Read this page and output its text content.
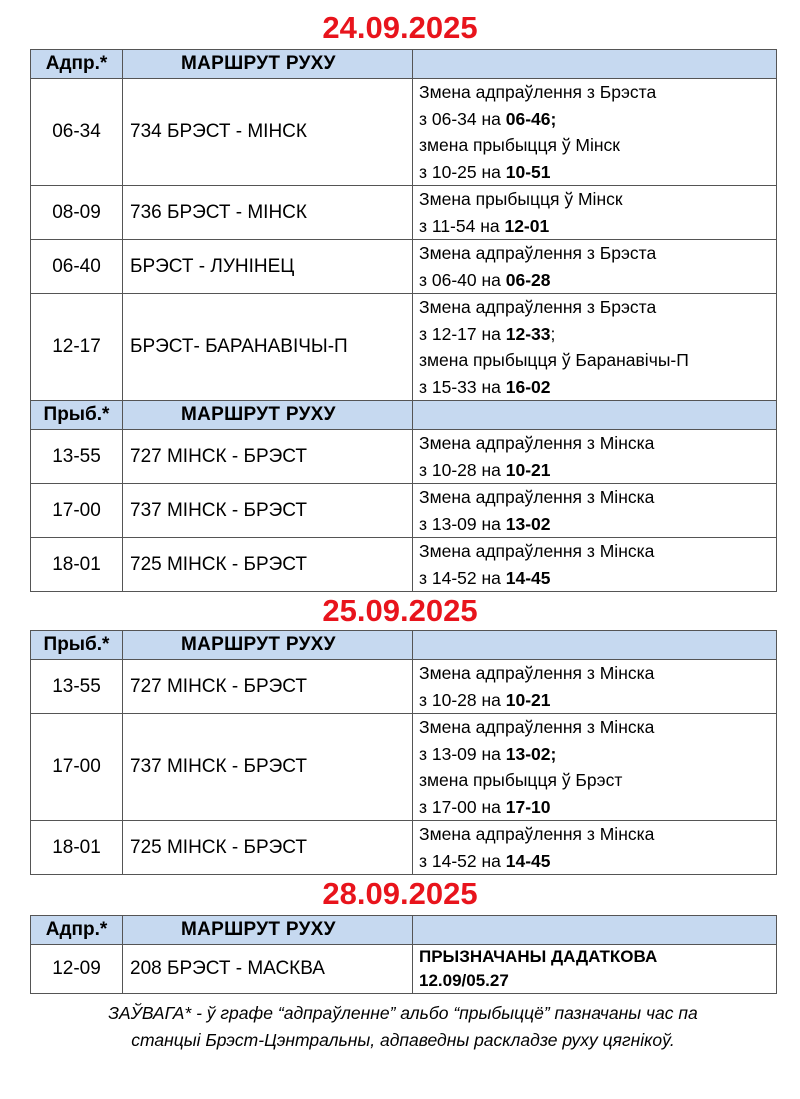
24.09.2025
Адпр.*	МАРШРУТ РУХУ	
06-34	734 БРЭСТ - МІНСК	Змена адпраўлення з Брэста
з 06-34 на 06-46;
змена прыбыцця ў Мінск
з 10-25 на 10-51

08-09	736 БРЭСТ - МІНСК	Змена прыбыцця ў Мінск
з 11-54 на 12-01

06-40	БРЭСТ - ЛУНІНЕЦ	Змена адпраўлення з Брэста
з 06-40 на 06-28

12-17	БРЭСТ- БАРАНАВІЧЫ-П	Змена адпраўлення з Брэста
з 12-17 на 12-33;
змена прыбыцця ў Баранавічы-П
з 15-33 на 16-02

Прыб.*	МАРШРУТ РУХУ	
13-55	727 МІНСК - БРЭСТ	Змена адпраўлення з Мінска
з 10-28 на 10-21

17-00	737 МІНСК - БРЭСТ	Змена адпраўлення з Мінска
з 13-09 на 13-02

18-01	725 МІНСК - БРЭСТ	Змена адпраўлення з Мінска
з 14-52 на 14-45
25.09.2025
Прыб.*	МАРШРУТ РУХУ	
13-55	727 МІНСК - БРЭСТ	Змена адпраўлення з Мінска
з 10-28 на 10-21

17-00	737 МІНСК - БРЭСТ	Змена адпраўлення з Мінска
з 13-09 на 13-02;
змена прыбыцця ў Брэст
з 17-00 на 17-10

18-01	725 МІНСК - БРЭСТ	Змена адпраўлення з Мінска
з 14-52 на 14-45
28.09.2025
Адпр.*	МАРШРУТ РУХУ	
12-09	208 БРЭСТ - МАСКВА	ПРЫЗНАЧАНЫ ДАДАТКОВА
12.09/05.27
ЗАЎВАГА* - ў графе “адпраўленне” альбо “прыбыццё” пазначаны час па
станцыі Брэст-Цэнтральны, адпаведны раскладзе руху цягнікоў.
